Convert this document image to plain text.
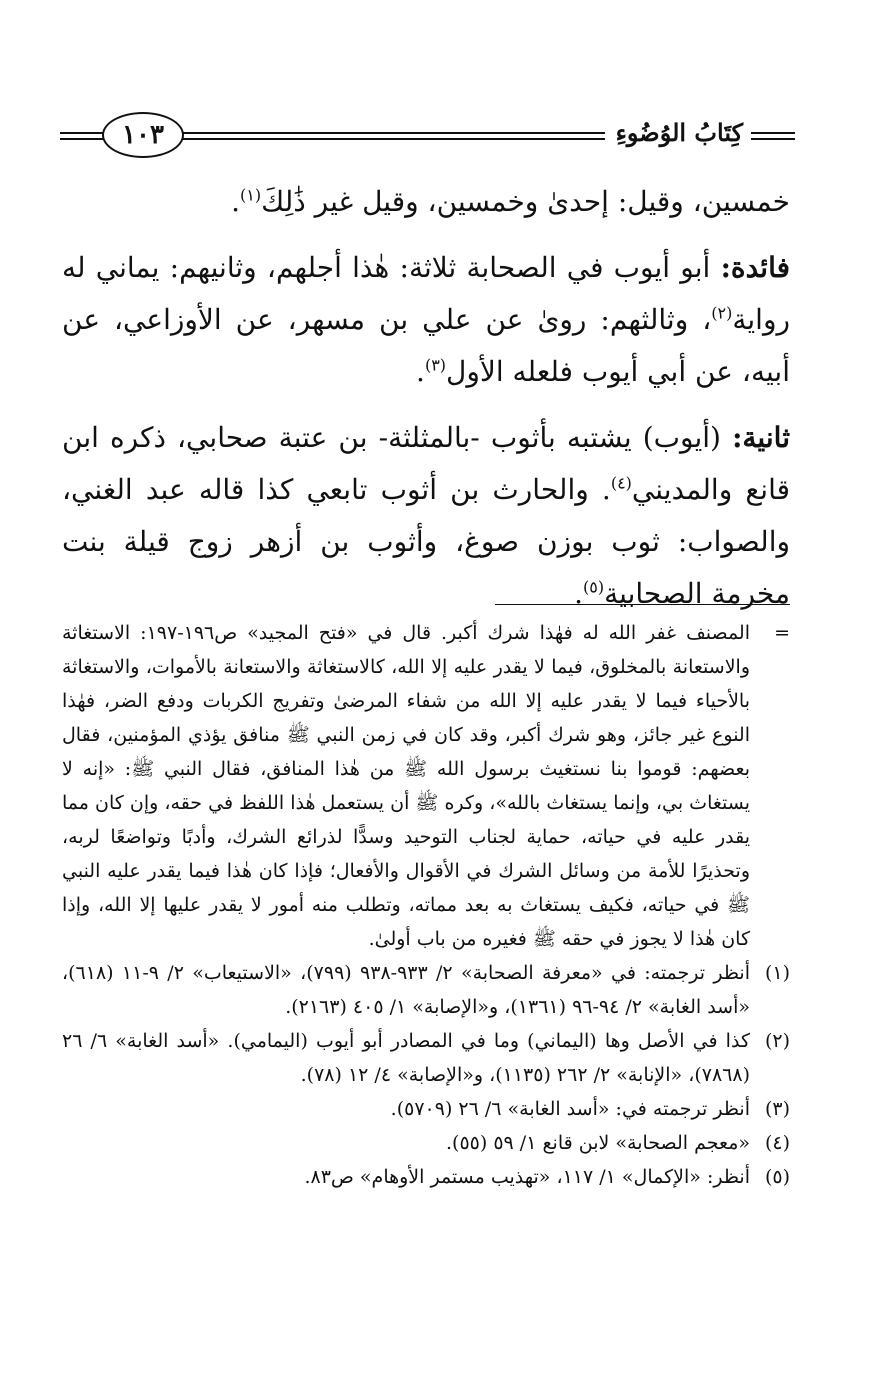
١٠٣	كِتَابُ الوُضُوءِ

خمسين، وقيل: إحدىٰ وخمسين، وقيل غير ذَٰلِكَ$^{(١)}$.

فائدة: أبو أيوب في الصحابة ثلاثة: هٰذا أجلهم، وثانيهم: يماني له رواية$^{(٢)}$، وثالثهم: رویٰ عن علي بن مسهر، عن الأوزاعي، عن أبيه، عن أبي أيوب فلعله الأول$^{(٣)}$.

ثانية: (أيوب) يشتبه بأثوب -بالمثلثة- بن عتبة صحابي، ذكره ابن قانع والمديني$^{(٤)}$. والحارث بن أثوب تابعي كذا قاله عبد الغني، والصواب: ثوب بوزن صوغ، وأثوب بن أزهر زوج قيلة بنت مخرمة الصحابية$^{(٥)}$.

=
المصنف غفر الله له فهٰذا شرك أكبر. قال في «فتح المجيد» ص١٩٦-١٩٧: الاستغاثة والاستعانة بالمخلوق، فيما لا يقدر عليه إلا الله، كالاستغاثة والاستعانة بالأموات، والاستغاثة بالأحياء فيما لا يقدر عليه إلا الله من شفاء المرضىٰ وتفريج الكربات ودفع الضر، فهٰذا النوع غير جائز، وهو شرك أكبر، وقد كان في زمن النبي ﷺ منافق يؤذي المؤمنين، فقال بعضهم: قوموا بنا نستغيث برسول الله ﷺ من هٰذا المنافق، فقال النبي ﷺ: «إنه لا يستغاث بي، وإنما يستغاث بالله»، وكره ﷺ أن يستعمل هٰذا اللفظ في حقه، وإن كان مما يقدر عليه في حياته، حماية لجناب التوحيد وسدًّا لذرائع الشرك، وأدبًا وتواضعًا لربه، وتحذيرًا للأمة من وسائل الشرك في الأقوال والأفعال؛ فإذا كان هٰذا فيما يقدر عليه النبي ﷺ في حياته، فكيف يستغاث به بعد مماته، وتطلب منه أمور لا يقدر عليها إلا الله، وإذا كان هٰذا لا يجوز في حقه ﷺ فغيره من باب أولىٰ.
(١)
أنظر ترجمته: في «معرفة الصحابة» ٢/ ٩٣٣-٩٣٨ (٧٩٩)، «الاستيعاب» ٢/ ٩-١١ (٦١٨)، «أسد الغابة» ٢/ ٩٤-٩٦ (١٣٦١)، و«الإصابة» ١/ ٤٠٥ (٢١٦٣).
(٢)
كذا في الأصل وها (اليماني) وما في المصادر أبو أيوب (اليمامي). «أسد الغابة» ٦/ ٢٦ (٧٨٦٨)، «الإنابة» ٢/ ٢٦٢ (١١٣٥)، و«الإصابة» ٤/ ١٢ (٧٨).
(٣)
أنظر ترجمته في: «أسد الغابة» ٦/ ٢٦ (٥٧٠٩).
(٤)
«معجم الصحابة» لابن قانع ١/ ٥٩ (٥٥).
(٥)
أنظر: «الإكمال» ١/ ١١٧، «تهذيب مستمر الأوهام» ص٨٣.
